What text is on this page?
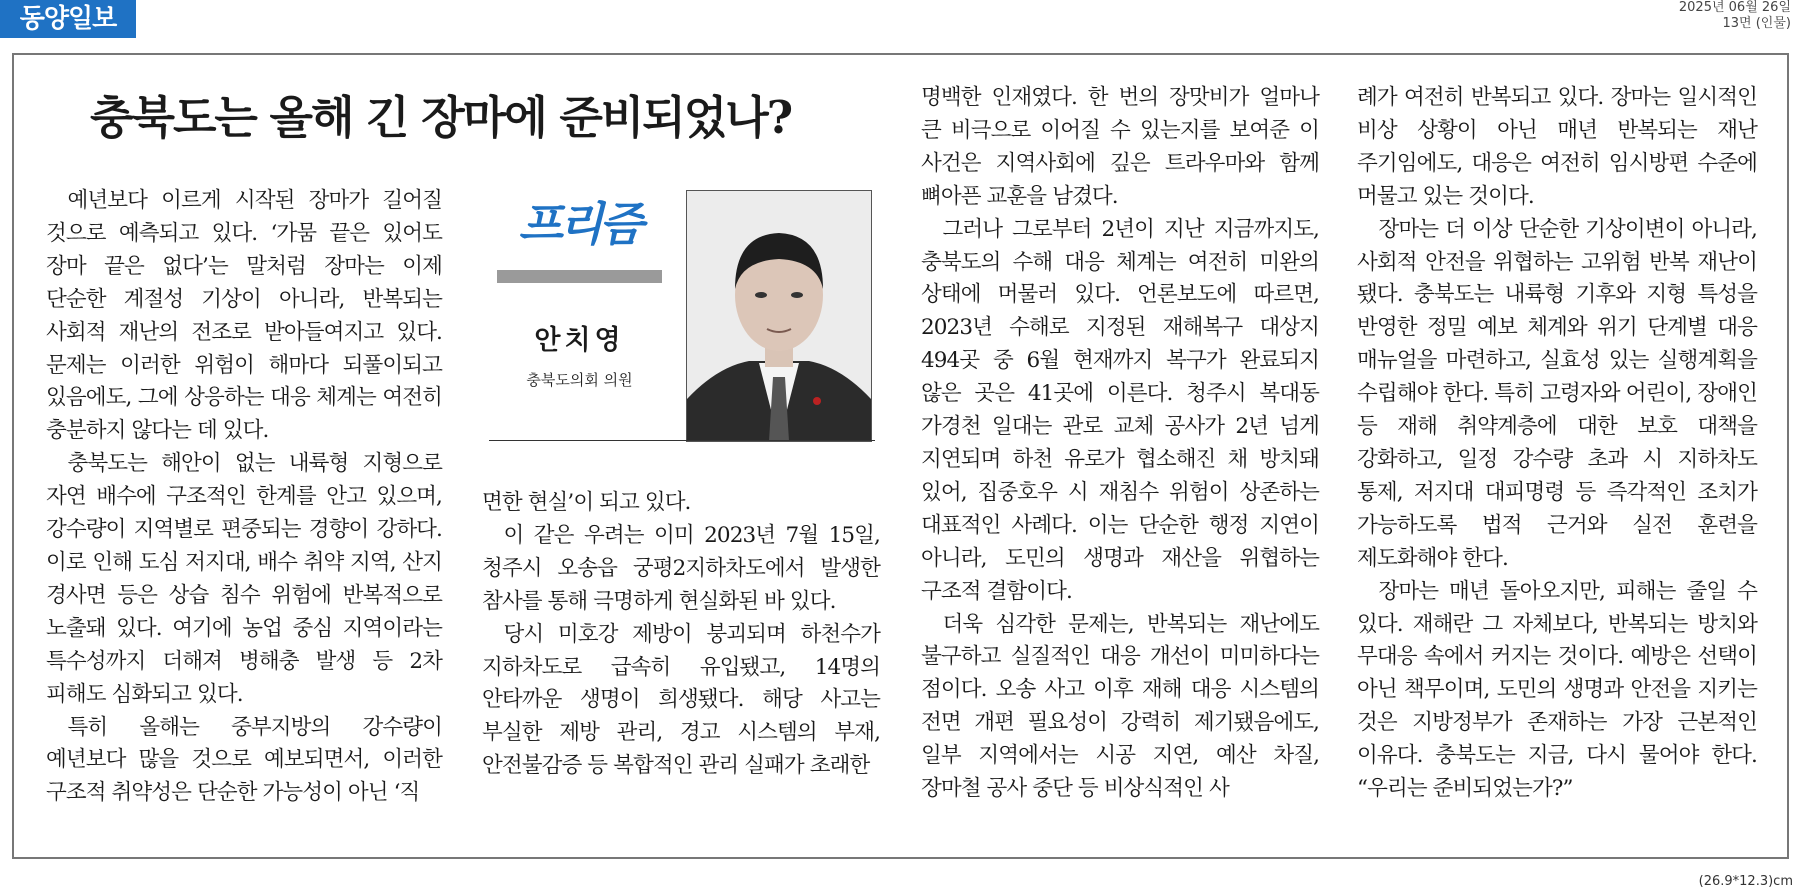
동양일보	2025년 06월 26일
13면 (인물)
충북도는 올해 긴 장마에 준비되었나?

예년보다 이르게 시작된 장마가 길어질 것으로 예측되고 있다. ‘가뭄 끝은 있어도 장마 끝은 없다’는 말처럼 장마는 이제 단순한 계절성 기상이 아니라, 반복되는 사회적 재난의 전조로 받아들여지고 있다. 문제는 이러한 위험이 해마다 되풀이되고 있음에도, 그에 상응하는 대응 체계는 여전히 충분하지 않다는 데 있다.

충북도는 해안이 없는 내륙형 지형으로 자연 배수에 구조적인 한계를 안고 있으며, 강수량이 지역별로 편중되는 경향이 강하다. 이로 인해 도심 저지대, 배수 취약 지역, 산지 경사면 등은 상습 침수 위험에 반복적으로 노출돼 있다. 여기에 농업 중심 지역이라는 특수성까지 더해져 병해충 발생 등 2차 피해도 심화되고 있다.

특히 올해는 중부지방의 강수량이 예년보다 많을 것으로 예보되면서, 이러한 구조적 취약성은 단순한 가능성이 아닌 ‘직

프리즘
안치영
충북도의회 의원

면한 현실’이 되고 있다.

이 같은 우려는 이미 2023년 7월 15일, 청주시 오송읍 궁평2지하차도에서 발생한 참사를 통해 극명하게 현실화된 바 있다.

당시 미호강 제방이 붕괴되며 하천수가 지하차도로 급속히 유입됐고, 14명의 안타까운 생명이 희생됐다. 해당 사고는 부실한 제방 관리, 경고 시스템의 부재, 안전불감증 등 복합적인 관리 실패가 초래한

명백한 인재였다. 한 번의 장맛비가 얼마나 큰 비극으로 이어질 수 있는지를 보여준 이 사건은 지역사회에 깊은 트라우마와 함께 뼈아픈 교훈을 남겼다.

그러나 그로부터 2년이 지난 지금까지도, 충북도의 수해 대응 체계는 여전히 미완의 상태에 머물러 있다. 언론보도에 따르면, 2023년 수해로 지정된 재해복구 대상지 494곳 중 6월 현재까지 복구가 완료되지 않은 곳은 41곳에 이른다. 청주시 복대동 가경천 일대는 관로 교체 공사가 2년 넘게 지연되며 하천 유로가 협소해진 채 방치돼 있어, 집중호우 시 재침수 위험이 상존하는 대표적인 사례다. 이는 단순한 행정 지연이 아니라, 도민의 생명과 재산을 위협하는 구조적 결함이다.

더욱 심각한 문제는, 반복되는 재난에도 불구하고 실질적인 대응 개선이 미미하다는 점이다. 오송 사고 이후 재해 대응 시스템의 전면 개편 필요성이 강력히 제기됐음에도, 일부 지역에서는 시공 지연, 예산 차질, 장마철 공사 중단 등 비상식적인 사

례가 여전히 반복되고 있다. 장마는 일시적인 비상 상황이 아닌 매년 반복되는 재난 주기임에도, 대응은 여전히 임시방편 수준에 머물고 있는 것이다.

장마는 더 이상 단순한 기상이변이 아니라, 사회적 안전을 위협하는 고위험 반복 재난이 됐다. 충북도는 내륙형 기후와 지형 특성을 반영한 정밀 예보 체계와 위기 단계별 대응 매뉴얼을 마련하고, 실효성 있는 실행계획을 수립해야 한다. 특히 고령자와 어린이, 장애인 등 재해 취약계층에 대한 보호 대책을 강화하고, 일정 강수량 초과 시 지하차도 통제, 저지대 대피명령 등 즉각적인 조치가 가능하도록 법적 근거와 실전 훈련을 제도화해야 한다.

장마는 매년 돌아오지만, 피해는 줄일 수 있다. 재해란 그 자체보다, 반복되는 방치와 무대응 속에서 커지는 것이다. 예방은 선택이 아닌 책무이며, 도민의 생명과 안전을 지키는 것은 지방정부가 존재하는 가장 근본적인 이유다. 충북도는 지금, 다시 물어야 한다. “우리는 준비되었는가?”

(26.9*12.3)cm
